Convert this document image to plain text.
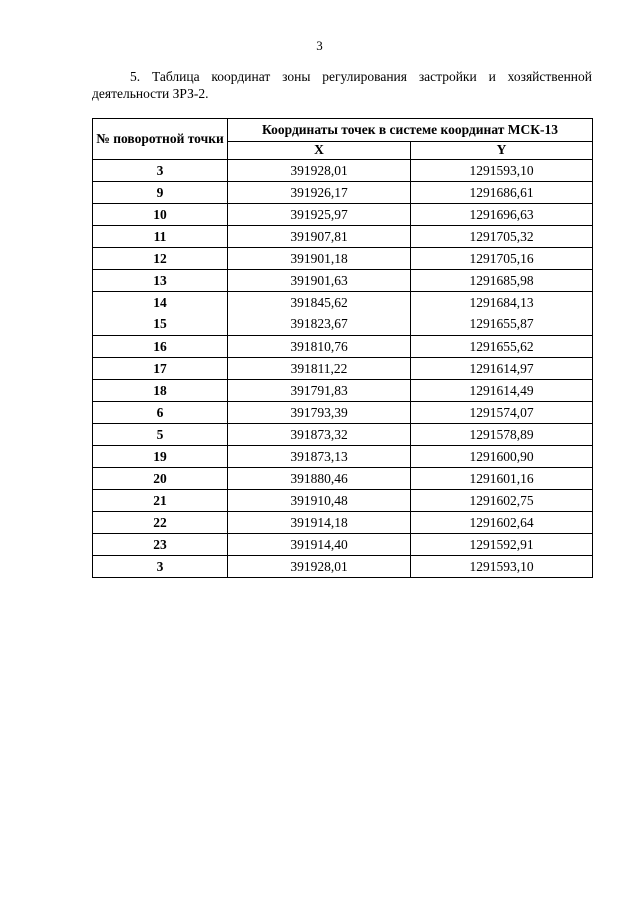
3
5. Таблица координат зоны регулирования застройки и хозяйственной деятельности ЗРЗ-2.
№ поворотной точки	Координаты точек в системе координат МСК-13	
	X	Y
3	391928,01	1291593,10
9	391926,17	1291686,61
10	391925,97	1291696,63
11	391907,81	1291705,32
12	391901,18	1291705,16
13	391901,63	1291685,98
14	391845,62	1291684,13
15	391823,67	1291655,87
16	391810,76	1291655,62
17	391811,22	1291614,97
18	391791,83	1291614,49
6	391793,39	1291574,07
5	391873,32	1291578,89
19	391873,13	1291600,90
20	391880,46	1291601,16
21	391910,48	1291602,75
22	391914,18	1291602,64
23	391914,40	1291592,91
3	391928,01	1291593,10
